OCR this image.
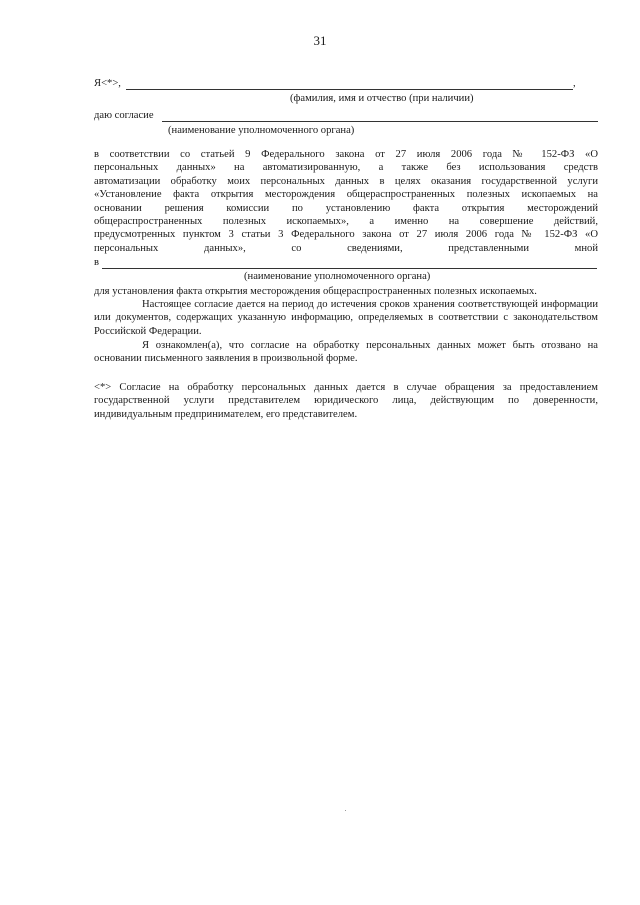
31
Я<*>,	,
(фамилия, имя и отчество (при наличии)
даю согласие
(наименование уполномоченного органа)
в соответствии со статьей 9 Федерального закона от 27 июля 2006 года № 152-ФЗ «О
персональных данных» на автоматизированную, а также без использования средств
автоматизации обработку моих персональных данных в целях оказания государственной услуги
«Установление факта открытия месторождения общераспространенных полезных ископаемых на
основании решения комиссии по установлению факта открытия месторождений
общераспространенных полезных ископаемых», а именно на совершение действий,
предусмотренных пунктом 3 статьи 3 Федерального закона от 27 июля 2006 года № 152-ФЗ «О
персональных данных», со сведениями, представленными мной
в
(наименование уполномоченного органа)
для установления факта открытия месторождения общераспространенных полезных ископаемых.
Настоящее согласие дается на период до истечения сроков хранения соответствующей информации или документов, содержащих указанную информацию, определяемых в соответствии с законодательством Российской Федерации.
Я ознакомлен(а), что согласие на обработку персональных данных может быть отозвано на основании письменного заявления в произвольной форме.
<*> Согласие на обработку персональных данных дается в случае обращения за предоставлением государственной услуги представителем юридического лица, действующим по доверенности, индивидуальным предпринимателем, его представителем.
